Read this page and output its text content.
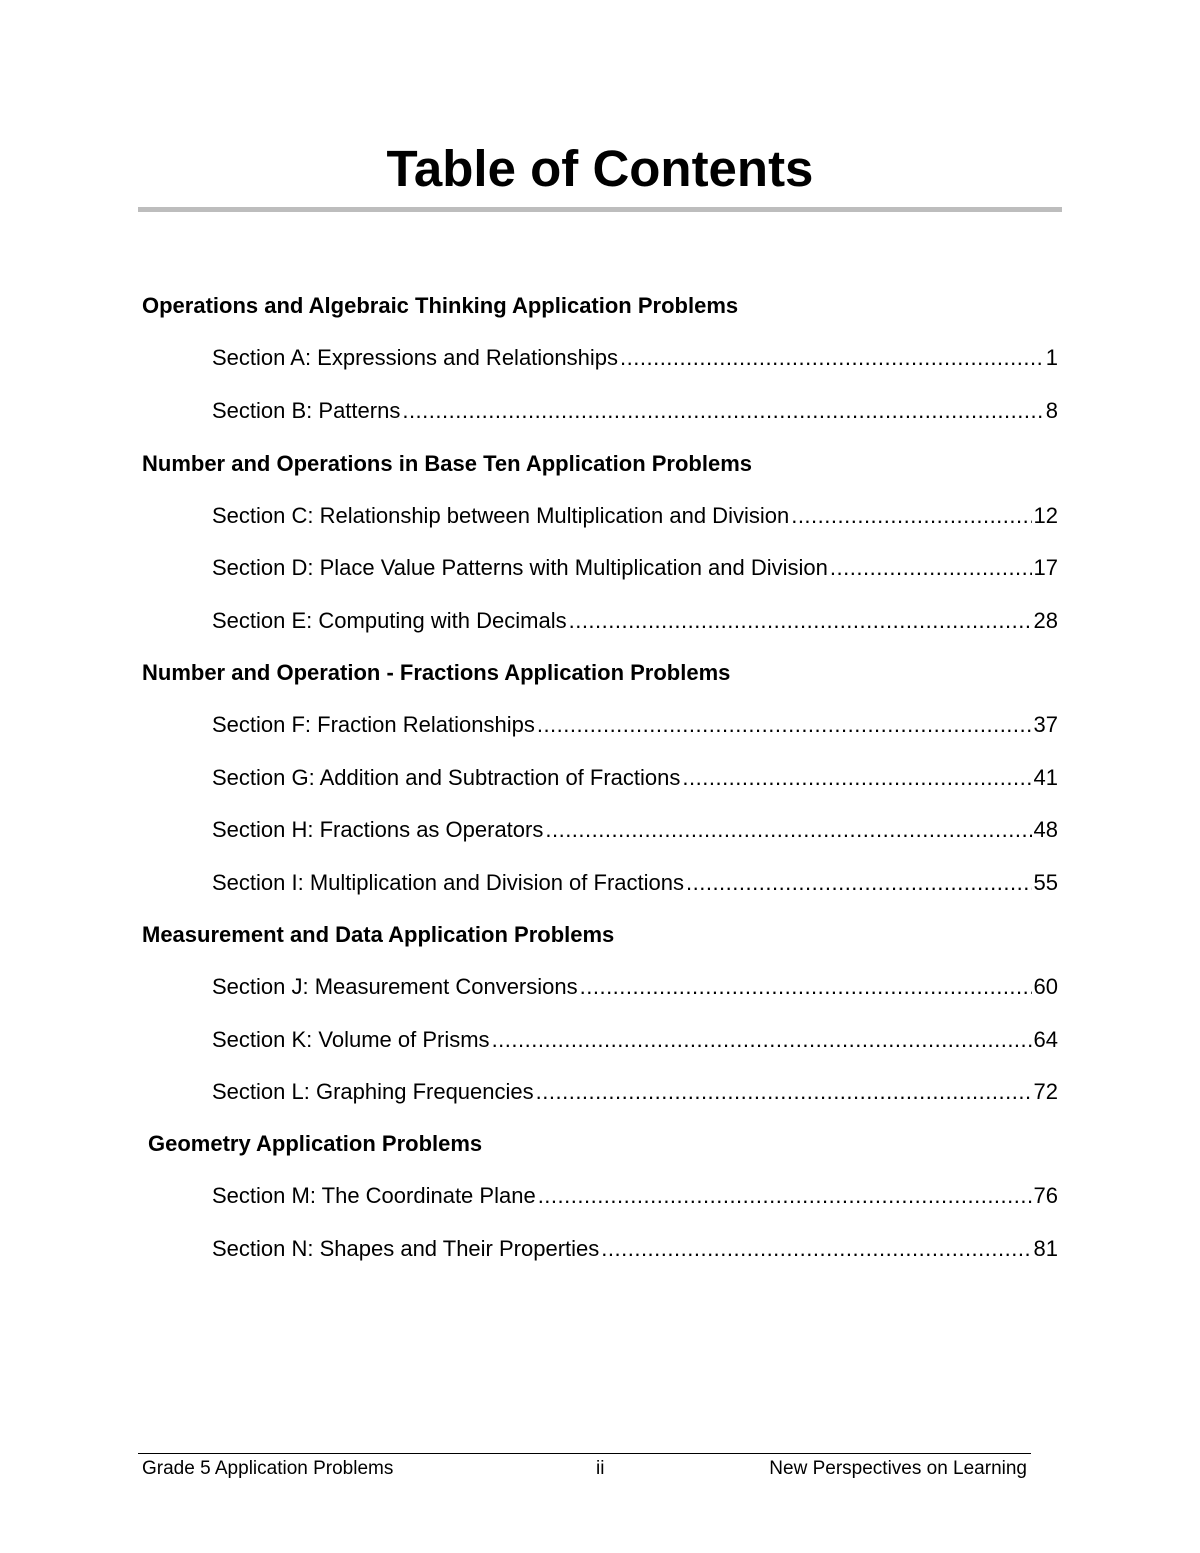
Table of Contents
Operations and Algebraic Thinking Application Problems
Section A: Expressions and Relationships .....	1
Section B: Patterns .....	8
Number and Operations in Base Ten Application Problems
Section C: Relationship between Multiplication and Division .....	12
Section D: Place Value Patterns with Multiplication and Division .....	17
Section E: Computing with Decimals .....	28
Number and Operation - Fractions Application Problems
Section F: Fraction Relationships .....	37
Section G: Addition and Subtraction of Fractions .....	41
Section H: Fractions as Operators .....	48
Section I: Multiplication and Division of Fractions .....	55
Measurement and Data Application Problems
Section J: Measurement Conversions .....	60
Section K: Volume of Prisms .....	64
Section L: Graphing Frequencies .....	72
Geometry Application Problems
Section M: The Coordinate Plane .....	76
Section N: Shapes and Their Properties .....	81
Grade 5 Application Problems	ii	New Perspectives on Learning
